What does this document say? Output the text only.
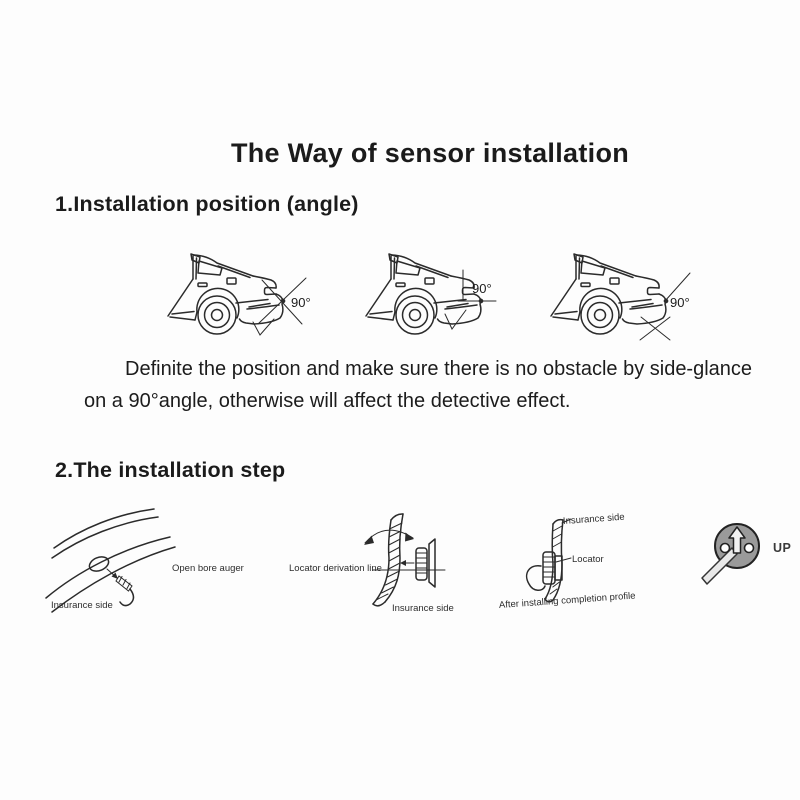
The Way of sensor installation
1.Installation position (angle)
90°
90°
90°
Definite the position and make sure there is no obstacle by side-glance
on a 90°angle, otherwise will affect the detective effect.
2.The installation step
Open bore auger
Insurance side
Locator derivation line
Insurance side
Insurance side
Locator
After installing completion profile
UP
